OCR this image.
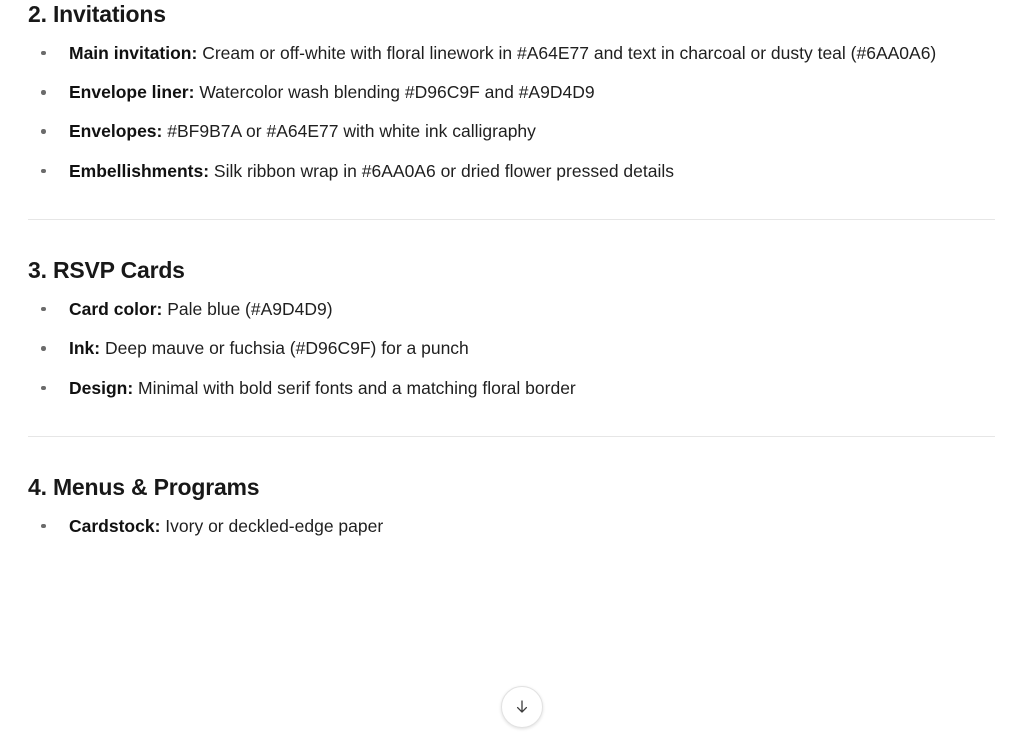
2. Invitations
Main invitation: Cream or off-white with floral linework in #A64E77 and text in charcoal or dusty teal (#6AA0A6)
Envelope liner: Watercolor wash blending #D96C9F and #A9D4D9
Envelopes: #BF9B7A or #A64E77 with white ink calligraphy
Embellishments: Silk ribbon wrap in #6AA0A6 or dried flower pressed details
3. RSVP Cards
Card color: Pale blue (#A9D4D9)
Ink: Deep mauve or fuchsia (#D96C9F) for a punch
Design: Minimal with bold serif fonts and a matching floral border
4. Menus & Programs
Cardstock: Ivory or deckled-edge paper
